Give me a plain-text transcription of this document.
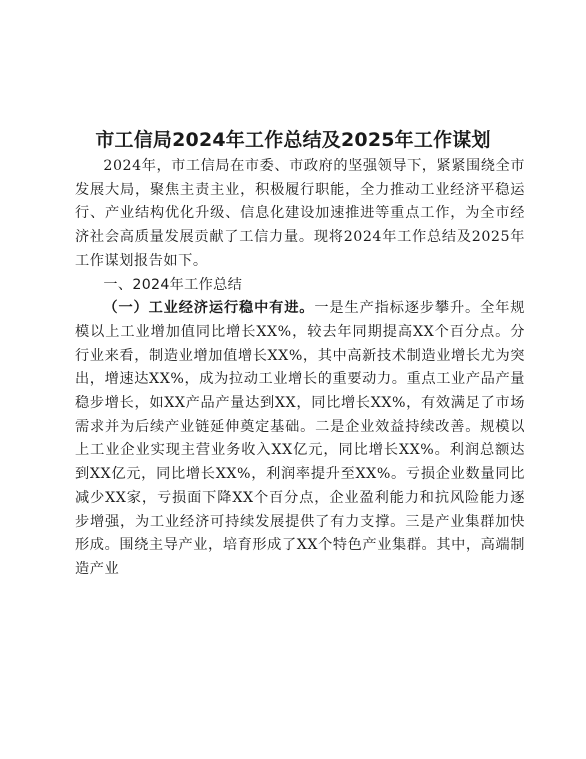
市工信局2024年工作总结及2025年工作谋划

2024年，市工信局在市委、市政府的坚强领导下，紧紧围绕全市发展大局，聚焦主责主业，积极履行职能，全力推动工业经济平稳运行、产业结构优化升级、信息化建设加速推进等重点工作，为全市经济社会高质量发展贡献了工信力量。现将2024年工作总结及2025年工作谋划报告如下。

一、2024年工作总结

（一）工业经济运行稳中有进。一是生产指标逐步攀升。全年规模以上工业增加值同比增长XX%，较去年同期提高XX个百分点。分行业来看，制造业增加值增长XX%，其中高新技术制造业增长尤为突出，增速达XX%，成为拉动工业增长的重要动力。重点工业产品产量稳步增长，如XX产品产量达到XX，同比增长XX%，有效满足了市场需求并为后续产业链延伸奠定基础。二是企业效益持续改善。规模以上工业企业实现主营业务收入XX亿元，同比增长XX%。利润总额达到XX亿元，同比增长XX%，利润率提升至XX%。亏损企业数量同比减少XX家，亏损面下降XX个百分点，企业盈利能力和抗风险能力逐步增强，为工业经济可持续发展提供了有力支撑。三是产业集群加快形成。围绕主导产业，培育形成了XX个特色产业集群。其中，高端制造产业
